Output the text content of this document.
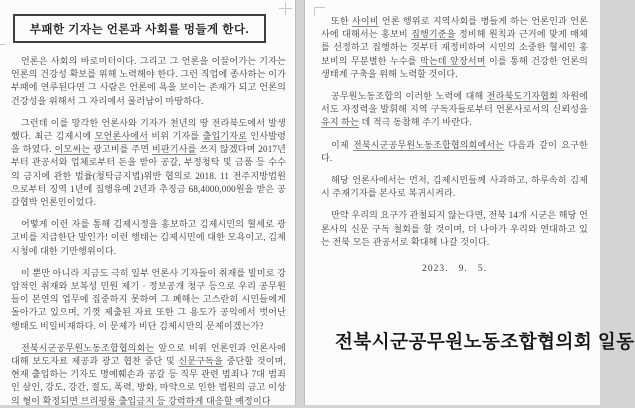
부패한 기자는 언론과 사회를 멍들게 한다.

언론은 사회의 바로미터이다. 그리고 그 언론을 이끌어가는 기자는 언론의 건강성 확보를 위해 노력해야 한다. 그런 직업에 종사하는 이가 부패에 연루된다면 그 사람은 언론에 욕을 보이는 존재가 되고 언론의 건강성을 위해서 그 자리에서 물러남이 마땅하다.

그런데 이를 망각한 언론사와 기자가 천년의 땅 전라북도에서 발생했다. 최근 김제시에 모언론사에서 비위 기자를 출입기자로 인사발령을 하였다. 이모씨는 광고비를 주면 비판기사를 쓰지 않겠다며 2017년부터 관공서와 업체로부터 돈을 받아 공갈, 부정청탁 및 금품 등 수수의 금지에 관한 법률(청탁금지법)위반 협의로 2018. 11 전주지방법원으로부터 징역 1년에 집행유예 2년과 추징금 68,4000,000원을 받은 공갈협박 언론인이었다.

어떻게 이런 자를 통해 김제시정을 홍보하고 김제시민의 혈세로 광고비를 지급한단 말인가! 이런 행태는 김제시민에 대한 모욕이고, 김제시청에 대한 기만행위이다.

이 뿐만 아니라 지금도 극히 일부 언론사 기자들이 취재를 빌미로 강압적인 취재와 보복성 민원 제기 · 정보공개 청구 등으로 우리 공무원들이 본연의 업무에 집중하지 못하여 그 폐해는 고스란히 시민들에게 돌아가고 있으며, 기껏 제출된 자료 또한 그 용도가 공익에서 벗어난 행태도 비일비재하다. 이 문제가 비단 김제시만의 문제이겠는가?

전북시군공무원노동조합협의회는 앞으로 비위 언론인과 언론사에 대해 보도자료 제공과 광고 협찬 중단 및 신문구독을 중단할 것이며, 현재 출입하는 기자도 명예훼손과 공갈 등 직무 관련 범죄나 7대 범죄인 살인, 강도, 강간, 절도, 폭력, 방화, 마약으로 인한 법원의 금고 이상의 형이 확정되면 브리핑룸 출입금지 등 강력하게 대응할 예정이다

또한 사이비 언론 행위로 지역사회를 병들게 하는 언론인과 언론사에 대해서는 홍보비 집행기준을 정비해 원칙과 근거에 맞게 매체를 선정하고 집행하는 것부터 재정비하여 시민의 소중한 혈세인 홍보비의 무분별한 누수를 막는데 앞장서며 이를 통해 건강한 언론의 생태계 구축을 위해 노력할 것이다.

공무원노동조합의 이러한 노력에 대해 전라북도기자협회 차원에서도 자정력을 발휘해 지역 구독자들로부터 언론사로서의 신뢰성을 유지 하는 데 적극 동참해 주기 바란다.

이제 전북시군공무원노동조합협의회에서는 다음과 같이 요구한다.

해당 언론사에서는 먼저, 김제시민들께 사과하고, 하루속히 김제시 주재기자를 본사로 복귀시켜라.

만약 우리의 요구가 관철되지 않는다면, 전북 14개 시군은 해당 언론사의 신문 구독 철회를 할 것이며, 더 나아가 우리와 연대하고 있는 전북 모든 관공서로 확대해 나갈 것이다.

2023.   9.   5.
전북시군공무원노동조합협의회 일동
